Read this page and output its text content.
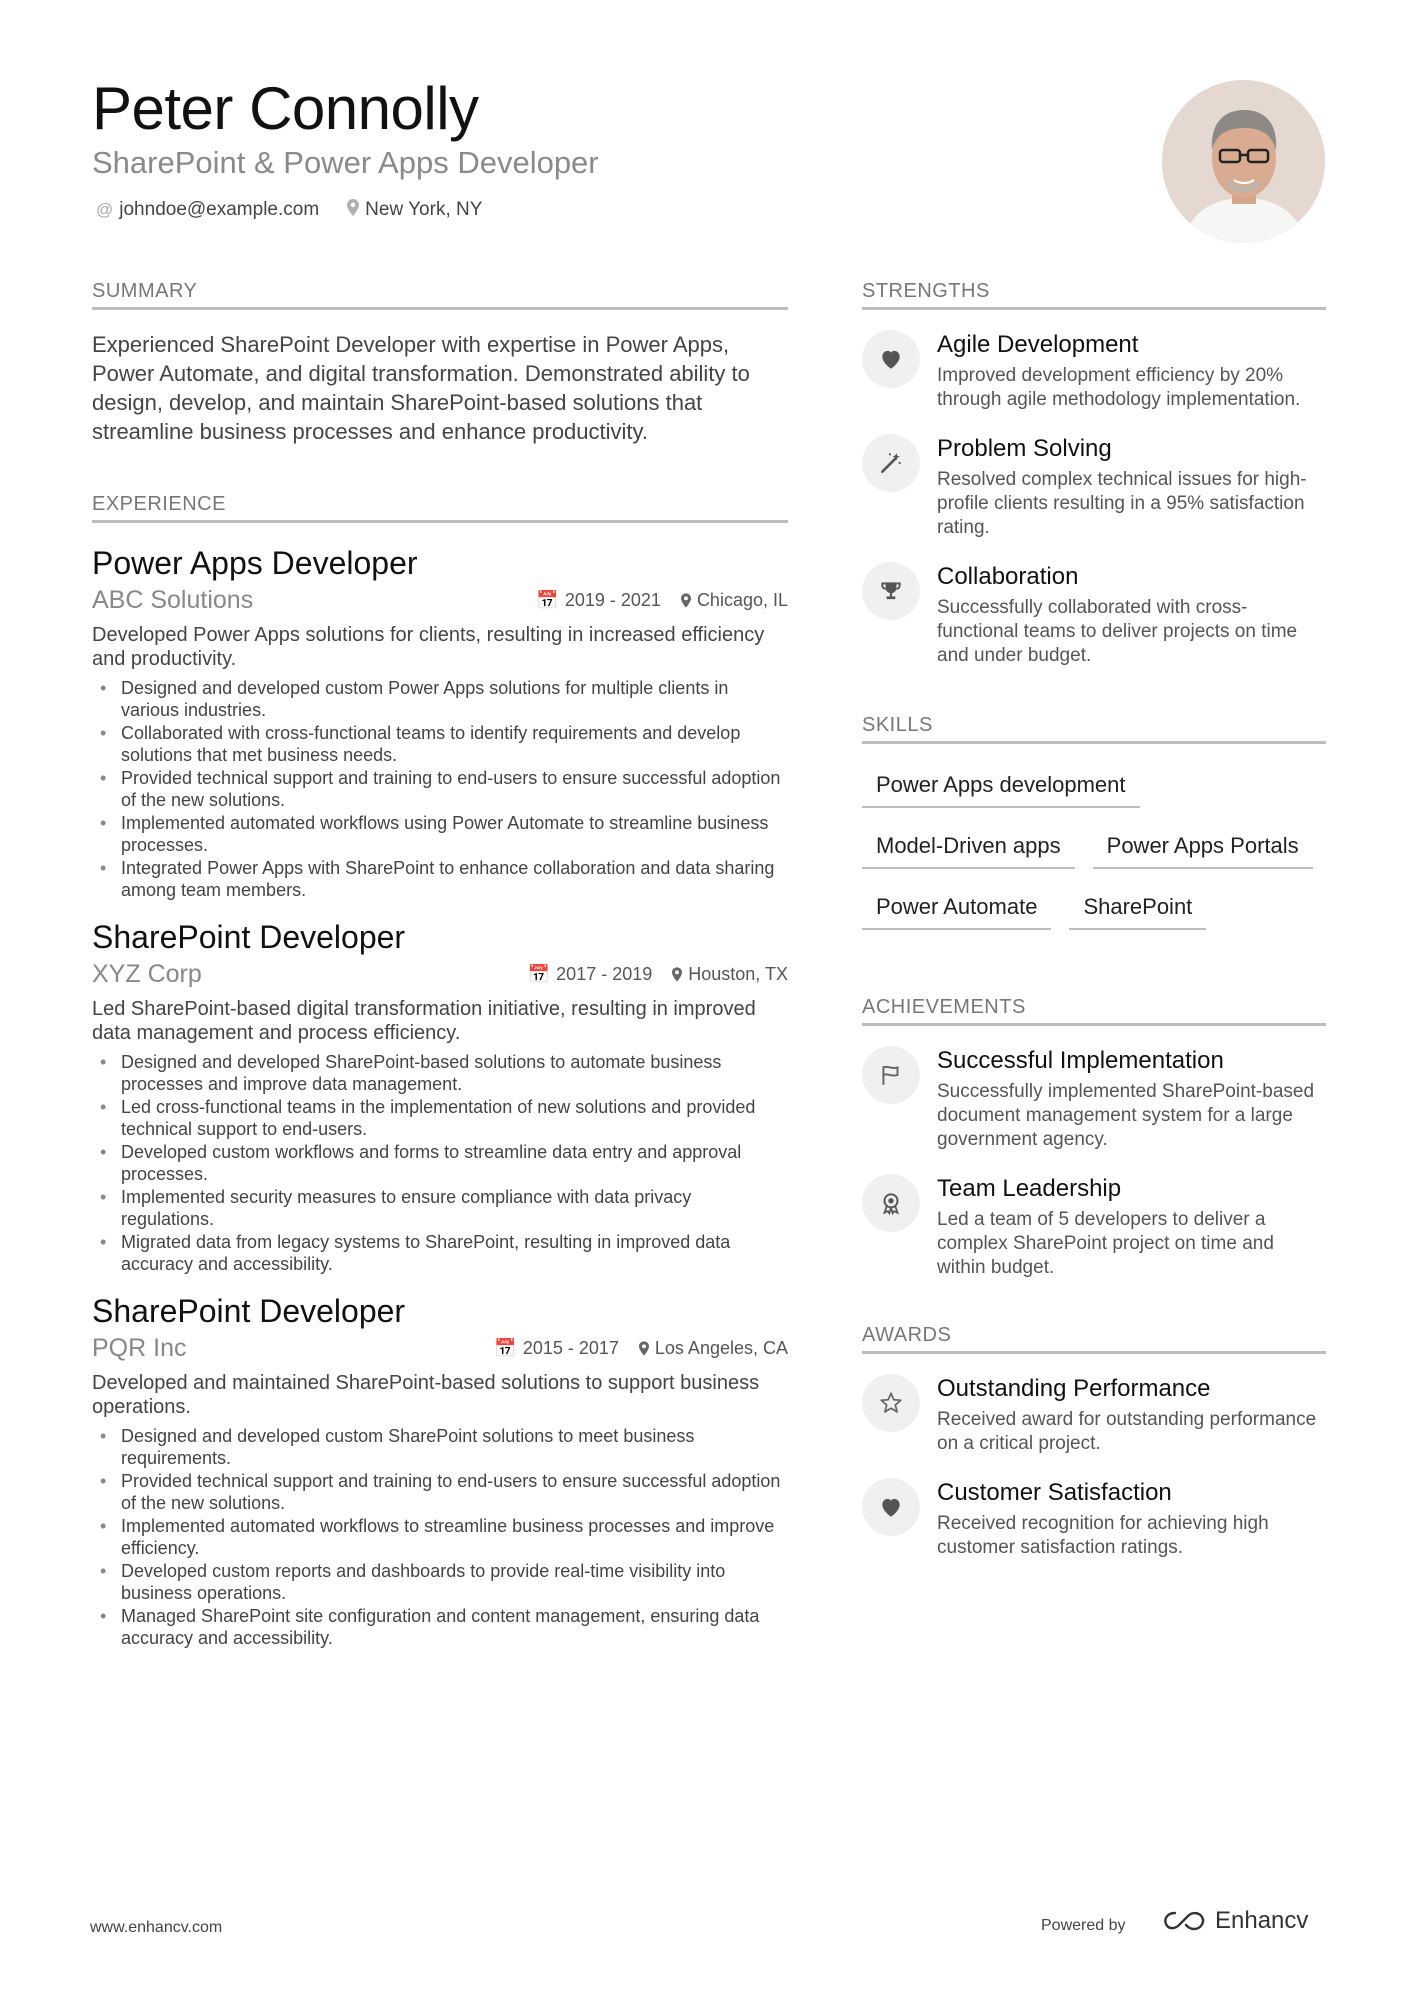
Peter Connolly
SharePoint & Power Apps Developer
@ johndoe@example.com New York, NY
SUMMARY

Experienced SharePoint Developer with expertise in Power Apps, Power Automate, and digital transformation. Demonstrated ability to design, develop, and maintain SharePoint-based solutions that streamline business processes and enhance productivity.

EXPERIENCE
Power Apps Developer
ABC Solutions	📅 2019 - 2021 Chicago, IL

Developed Power Apps solutions for clients, resulting in increased efficiency and productivity.

• Designed and developed custom Power Apps solutions for multiple clients in various industries.
• Collaborated with cross-functional teams to identify requirements and develop solutions that met business needs.
• Provided technical support and training to end-users to ensure successful adoption of the new solutions.
• Implemented automated workflows using Power Automate to streamline business processes.
• Integrated Power Apps with SharePoint to enhance collaboration and data sharing among team members.
SharePoint Developer
XYZ Corp	📅 2017 - 2019 Houston, TX

Led SharePoint-based digital transformation initiative, resulting in improved data management and process efficiency.

• Designed and developed SharePoint-based solutions to automate business processes and improve data management.
• Led cross-functional teams in the implementation of new solutions and provided technical support to end-users.
• Developed custom workflows and forms to streamline data entry and approval processes.
• Implemented security measures to ensure compliance with data privacy regulations.
• Migrated data from legacy systems to SharePoint, resulting in improved data accuracy and accessibility.
SharePoint Developer
PQR Inc	📅 2015 - 2017 Los Angeles, CA

Developed and maintained SharePoint-based solutions to support business operations.

• Designed and developed custom SharePoint solutions to meet business requirements.
• Provided technical support and training to end-users to ensure successful adoption of the new solutions.
• Implemented automated workflows to streamline business processes and improve efficiency.
• Developed custom reports and dashboards to provide real-time visibility into business operations.
• Managed SharePoint site configuration and content management, ensuring data accuracy and accessibility.
STRENGTHS
Agile Development
Improved development efficiency by 20% through agile methodology implementation.
Problem Solving
Resolved complex technical issues for high-profile clients resulting in a 95% satisfaction rating.
Collaboration
Successfully collaborated with cross-functional teams to deliver projects on time and under budget.
SKILLS
Power Apps development
Model-Driven apps	Power Apps Portals
Power Automate	SharePoint
ACHIEVEMENTS
Successful Implementation
Successfully implemented SharePoint-based document management system for a large government agency.
Team Leadership
Led a team of 5 developers to deliver a complex SharePoint project on time and within budget.
AWARDS
Outstanding Performance
Received award for outstanding performance on a critical project.
Customer Satisfaction
Received recognition for achieving high customer satisfaction ratings.
www.enhancv.com	Powered by	Enhancv
